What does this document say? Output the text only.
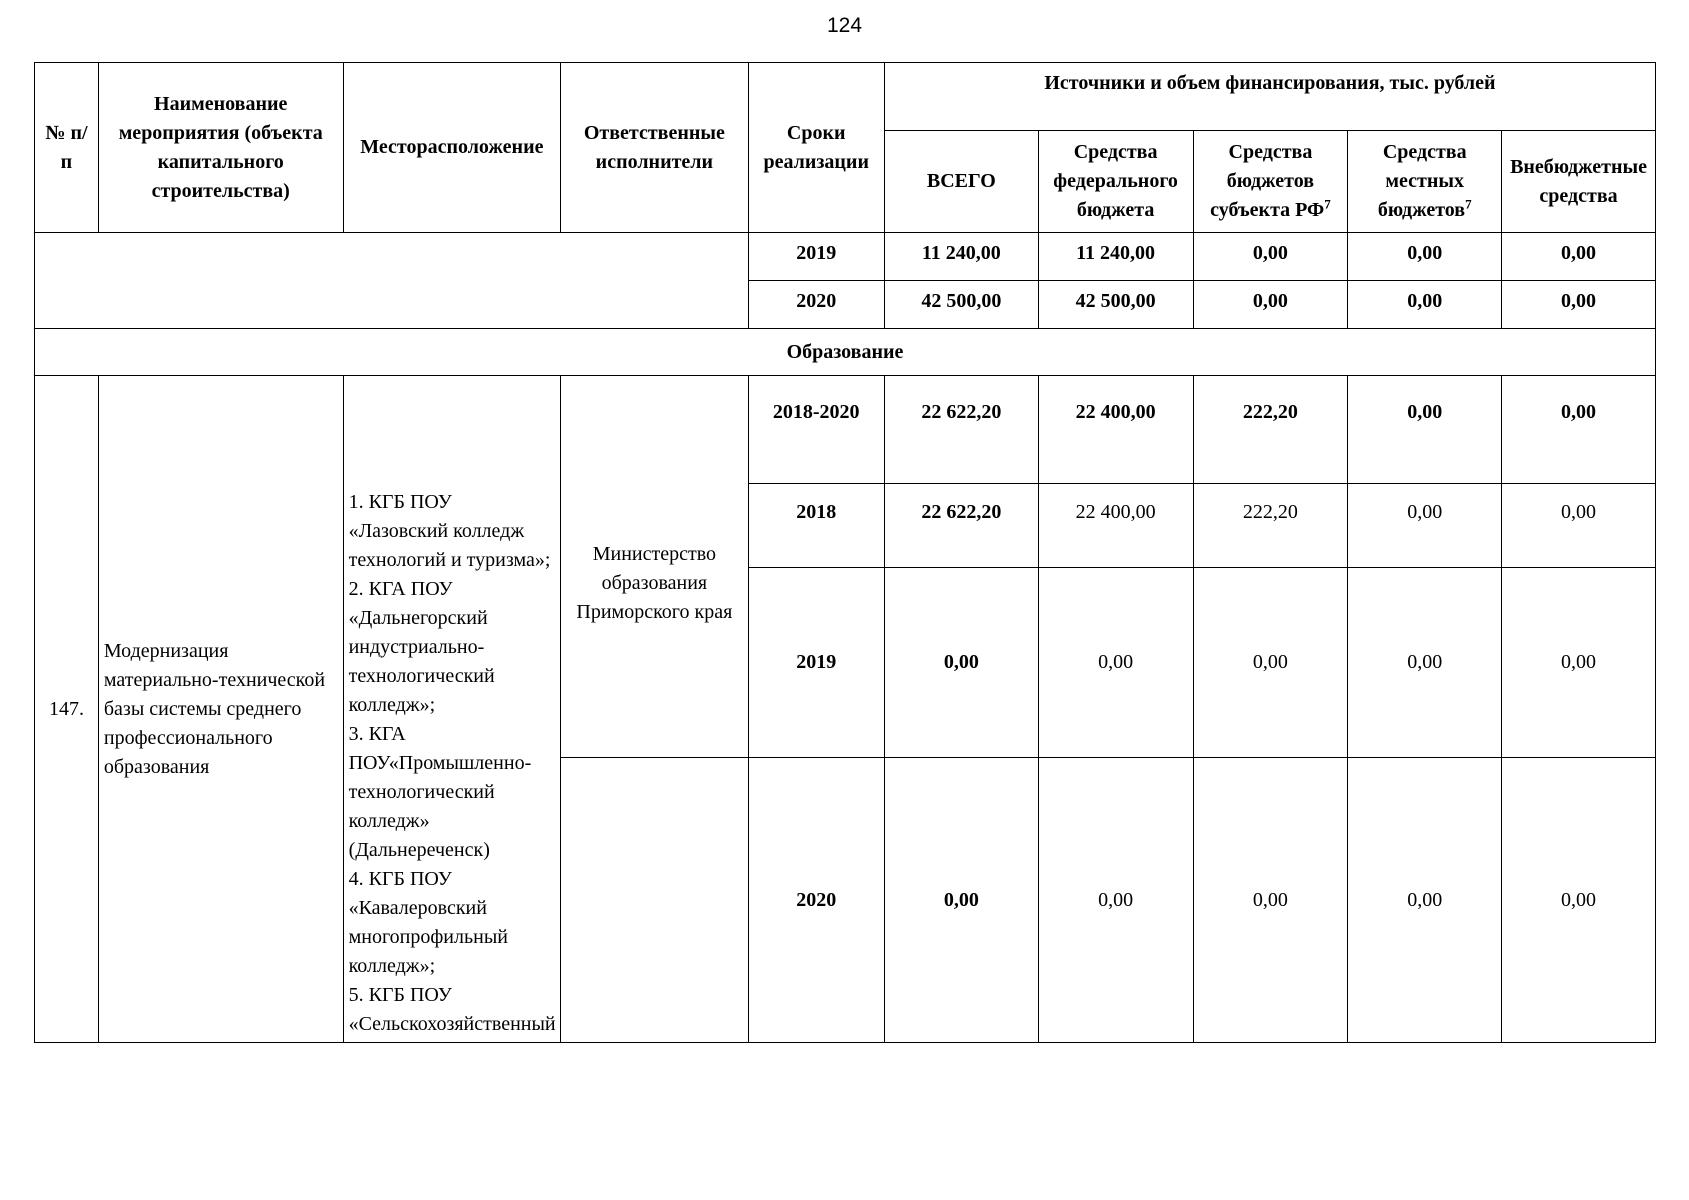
124
№ п/п	Наименование мероприятия (объекта капитального строительства)	Месторасположение	Ответственные исполнители	Сроки реализации	Источники и объем финансирования, тыс. рублей				
					ВСЕГО	Средства федерального бюджета	Средства бюджетов субъекта $РФ^7$	Средства местных бюджетов$^7$	Внебюджетные средства
				2019	11 240,00	11 240,00	0,00	0,00	0,00
				2020	42 500,00	42 500,00	0,00	0,00	0,00
Образование									
147.	Модернизация материально-технической базы системы среднего профессионального образования	1. КГБ ПОУ «Лазовский колледж технологий и туризма»;
2. КГА ПОУ «Дальнегорский индустриально-технологический колледж»;
3. КГА ПОУ«Промышленно-технологический колледж» (Дальнереченск)
4. КГБ ПОУ «Кавалеровский многопрофильный колледж»;
5. КГБ ПОУ «Сельскохозяйственный	Министерство образования Приморского края	2018-2020	22 622,20	22 400,00	222,20	0,00	0,00
				2018	22 622,20	22 400,00	222,20	0,00	0,00
				2019	0,00	0,00	0,00	0,00	0,00
				2020	0,00	0,00	0,00	0,00	0,00
